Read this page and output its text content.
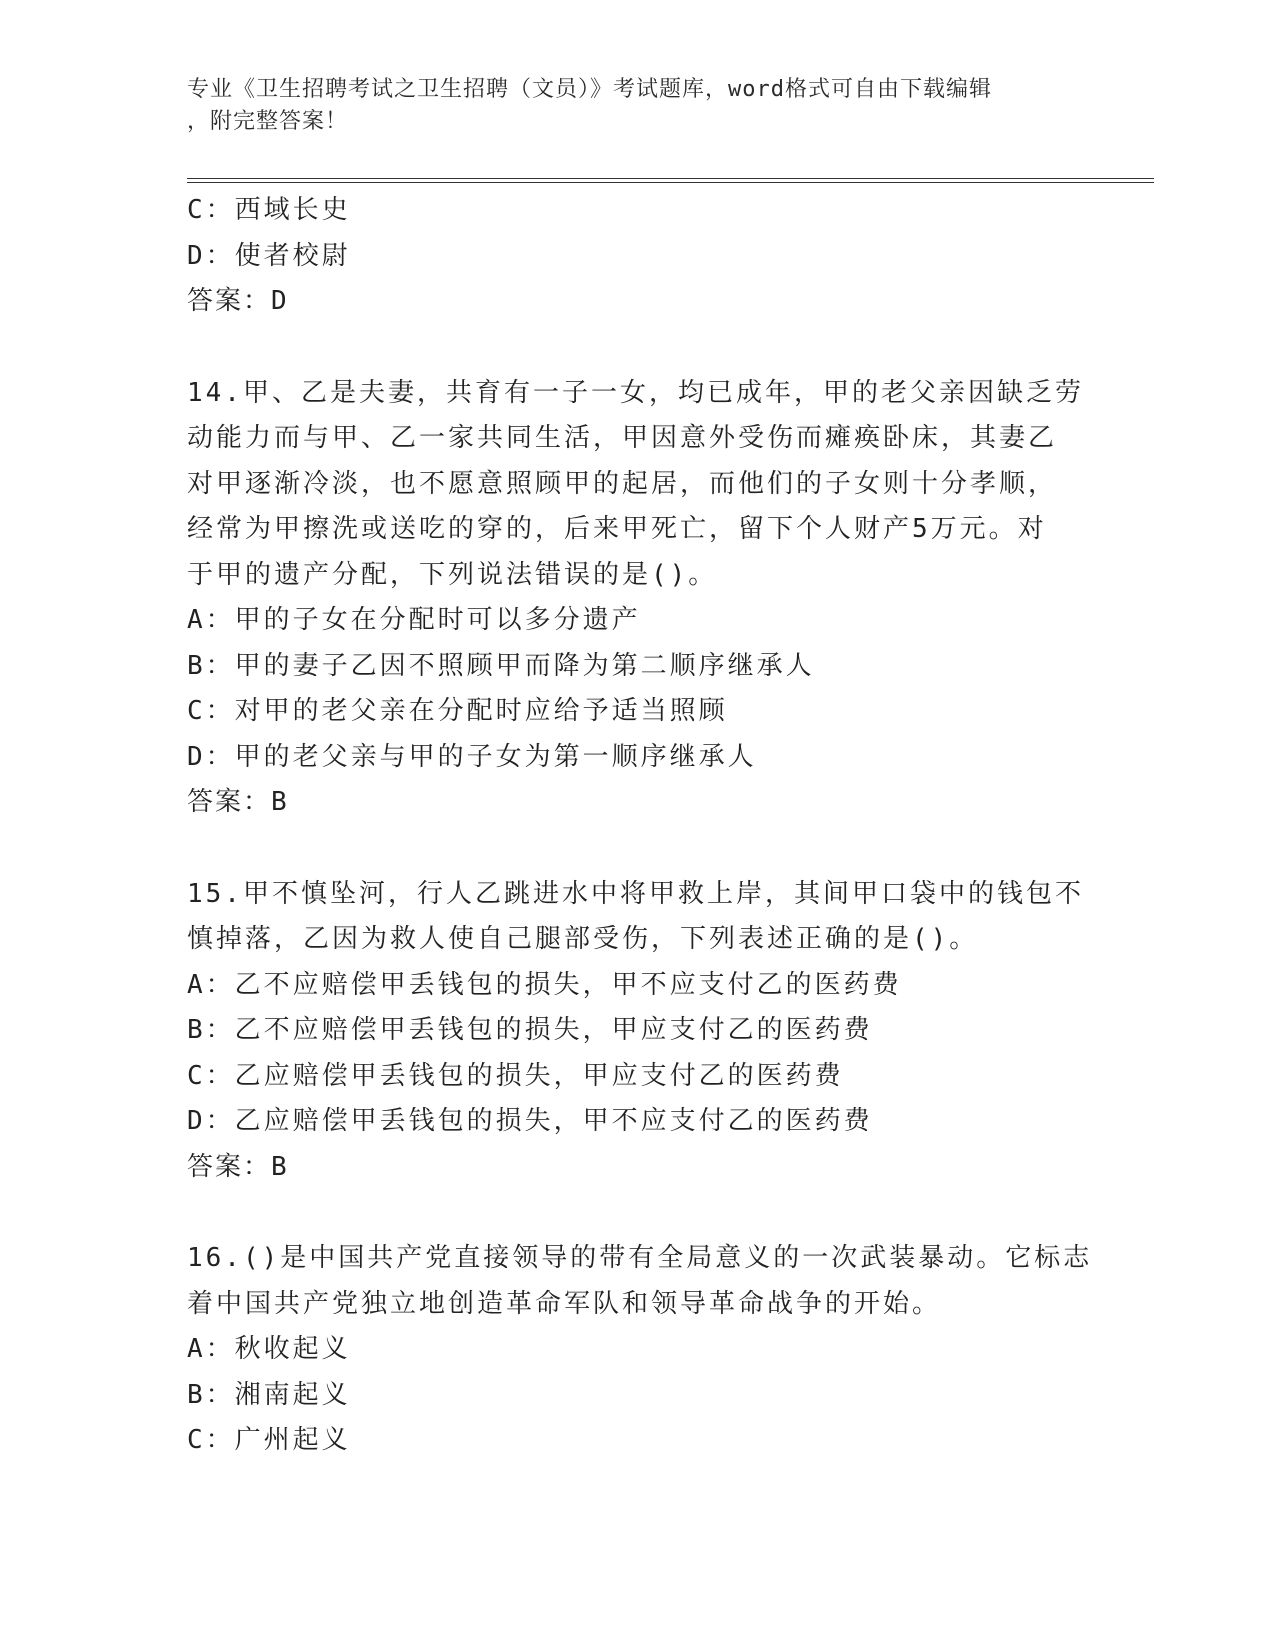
专业《卫生招聘考试之卫生招聘（文员）》考试题库，word格式可自由下载编辑
，附完整答案！
C：西域长史
D：使者校尉
答案：D
14.甲、乙是夫妻，共育有一子一女，均已成年，甲的老父亲因缺乏劳
动能力而与甲、乙一家共同生活，甲因意外受伤而瘫痪卧床，其妻乙
对甲逐渐冷淡，也不愿意照顾甲的起居，而他们的子女则十分孝顺，
经常为甲擦洗或送吃的穿的，后来甲死亡，留下个人财产5万元。对
于甲的遗产分配，下列说法错误的是()。
A：甲的子女在分配时可以多分遗产
B：甲的妻子乙因不照顾甲而降为第二顺序继承人
C：对甲的老父亲在分配时应给予适当照顾
D：甲的老父亲与甲的子女为第一顺序继承人
答案：B
15.甲不慎坠河，行人乙跳进水中将甲救上岸，其间甲口袋中的钱包不
慎掉落，乙因为救人使自己腿部受伤，下列表述正确的是()。
A：乙不应赔偿甲丢钱包的损失，甲不应支付乙的医药费
B：乙不应赔偿甲丢钱包的损失，甲应支付乙的医药费
C：乙应赔偿甲丢钱包的损失，甲应支付乙的医药费
D：乙应赔偿甲丢钱包的损失，甲不应支付乙的医药费
答案：B
16.()是中国共产党直接领导的带有全局意义的一次武装暴动。它标志
着中国共产党独立地创造革命军队和领导革命战争的开始。
A：秋收起义
B：湘南起义
C：广州起义
